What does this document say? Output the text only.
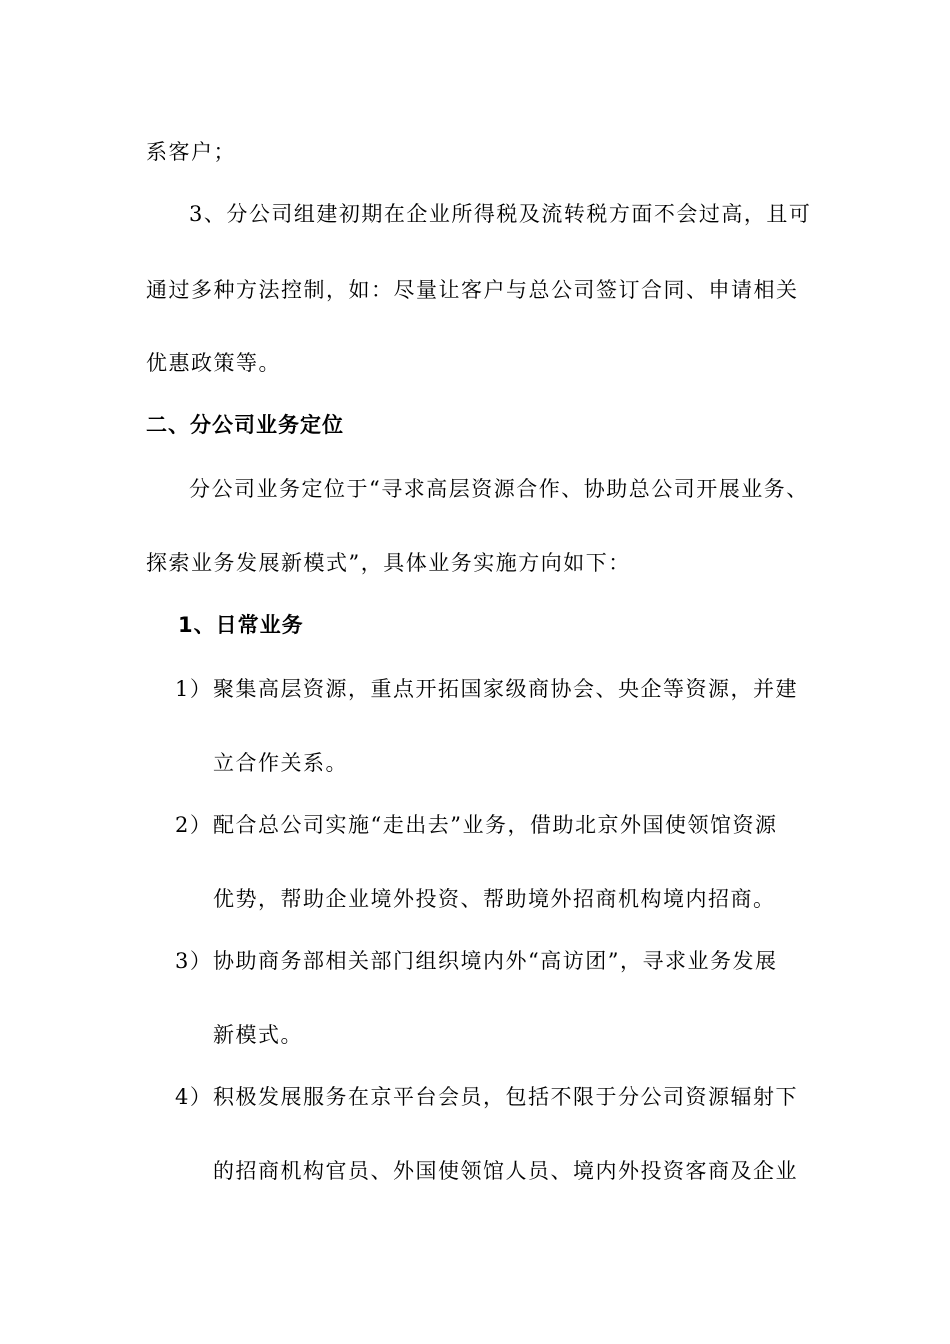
系客户；
3、分公司组建初期在企业所得税及流转税方面不会过高，且可
通过多种方法控制，如：尽量让客户与总公司签订合同、申请相关
优惠政策等。
二、分公司业务定位
分公司业务定位于“寻求高层资源合作、协助总公司开展业务、
探索业务发展新模式”，具体业务实施方向如下：
1、日常业务
1）聚集高层资源，重点开拓国家级商协会、央企等资源，并建
立合作关系。
2）配合总公司实施“走出去”业务，借助北京外国使领馆资源
优势，帮助企业境外投资、帮助境外招商机构境内招商。
3）协助商务部相关部门组织境内外“高访团”，寻求业务发展
新模式。
4）积极发展服务在京平台会员，包括不限于分公司资源辐射下
的招商机构官员、外国使领馆人员、境内外投资客商及企业
